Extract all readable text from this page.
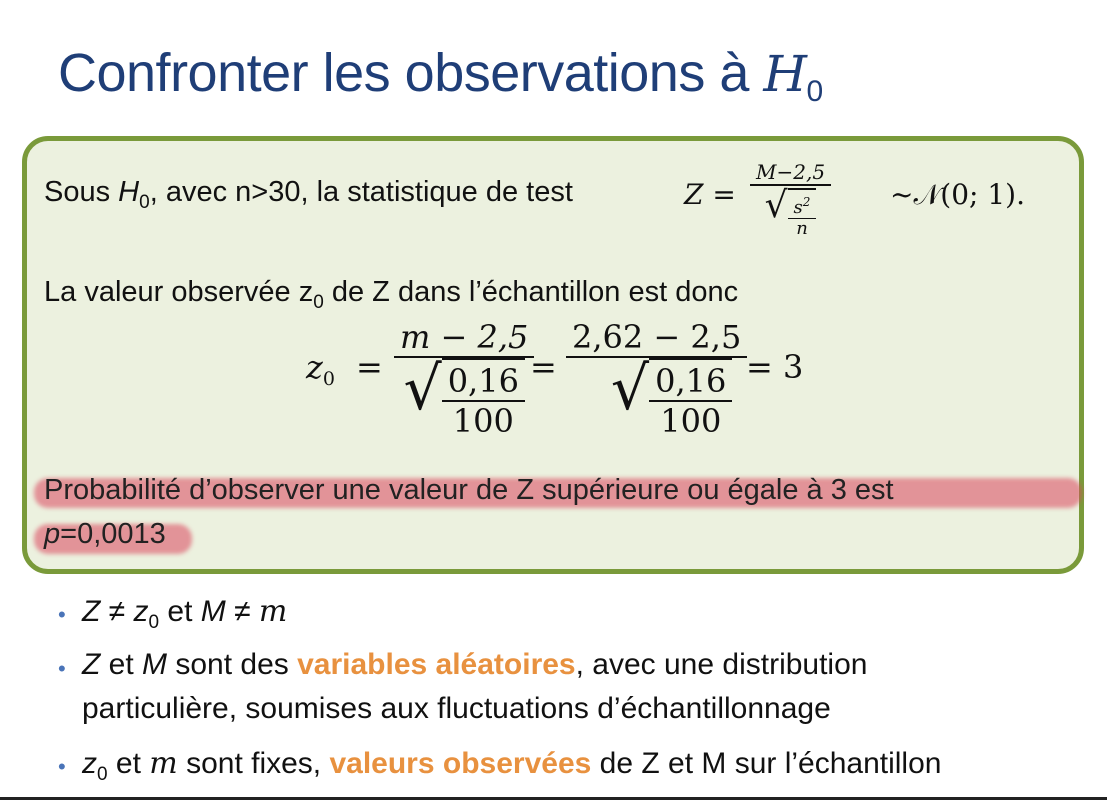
Confronter les observations à $H_0$
Sous $H_0$, avec n>30, la statistique de test	Z =
M−2,5
√ $\frac{s^2}{n}$	~𝒩(0; 1).
La valeur observée $z_0$ de Z dans l’échantillon est donc
$z_0$ =
m − 2,5
√ $\frac{0,16}{100}$ =
2,62 − 2,5
√ $\frac{0,16}{100} = 3$
Probabilité d’observer une valeur de Z supérieure ou égale à 3 est
p=0,0013
• $Z \ne z_0$ et M ≠ m
• Z et M sont des variables aléatoires, avec une distribution
particulière, soumises aux fluctuations d’échantillonnage
• $z_0$ et m sont fixes, valeurs observées de Z et M sur l’échantillon
